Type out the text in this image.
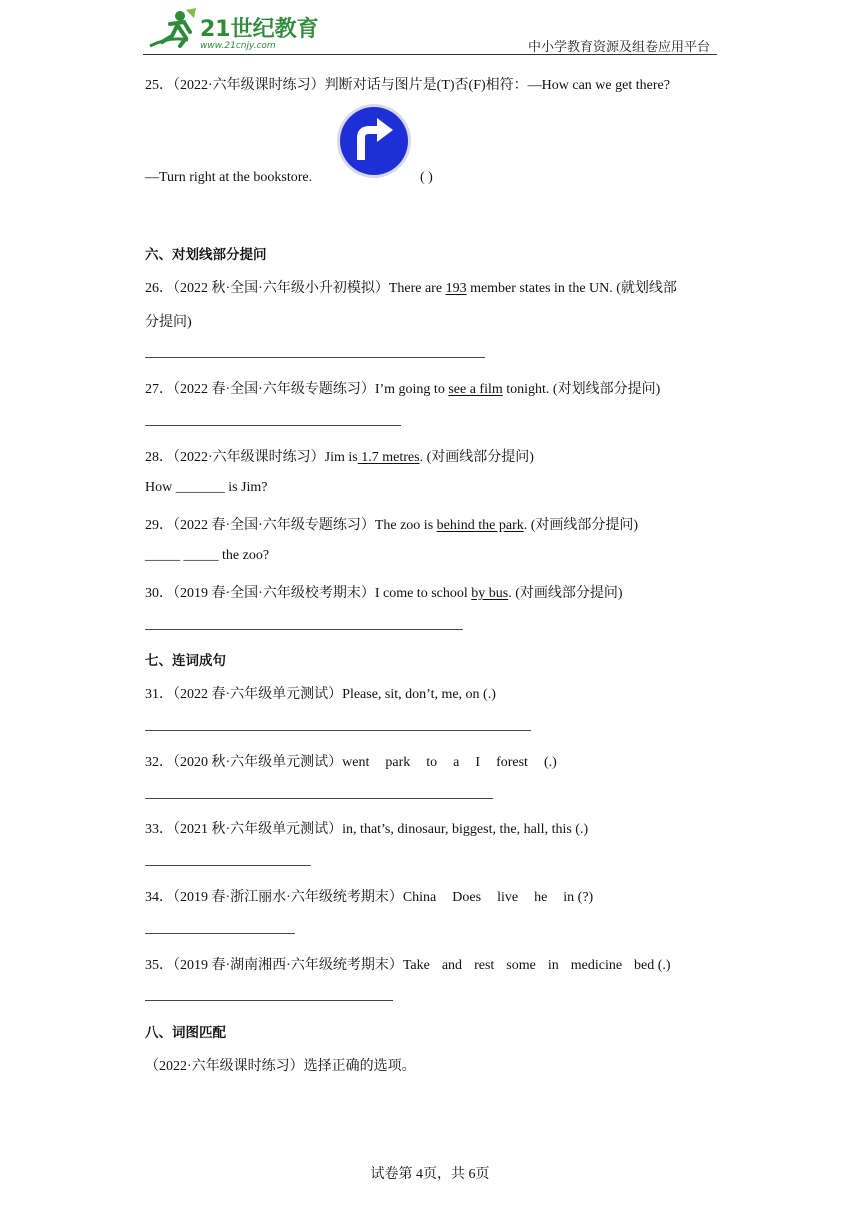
21世纪教育
www.21cnjy.com	中小学教育资源及组卷应用平台
25．（2022·六年级课时练习）判断对话与图片是(T)否(F)相符：—How can we get there?
—Turn right at the bookstore.	( )
六、对划线部分提问
26．（2022 秋·全国·六年级小升初模拟）There are 193 member states in the UN. (就划线部
分提问)
27．（2022 春·全国·六年级专题练习）I’m going to see a film tonight. (对划线部分提问)
28．（2022·六年级课时练习）Jim is 1.7 metres. (对画线部分提问)
How _______ is Jim?
29．（2022 春·全国·六年级专题练习）The zoo is behind the park. (对画线部分提问)
_____ _____ the zoo?
30．（2019 春·全国·六年级校考期末）I come to school by bus. (对画线部分提问)
七、连词成句
31．（2022 春·六年级单元测试）Please, sit, don’t, me, on (.)
32．（2020 秋·六年级单元测试）went park to a I forest (.)
33．（2021 秋·六年级单元测试）in, that’s, dinosaur, biggest, the, hall, this (.)
34．（2019 春·浙江丽水·六年级统考期末）China Does live he in (?)
35．（2019 春·湖南湘西·六年级统考期末）Take and rest some in medicine bed (.)
八、词图匹配
（2022·六年级课时练习）选择正确的选项。
试卷第 4页，共 6页
